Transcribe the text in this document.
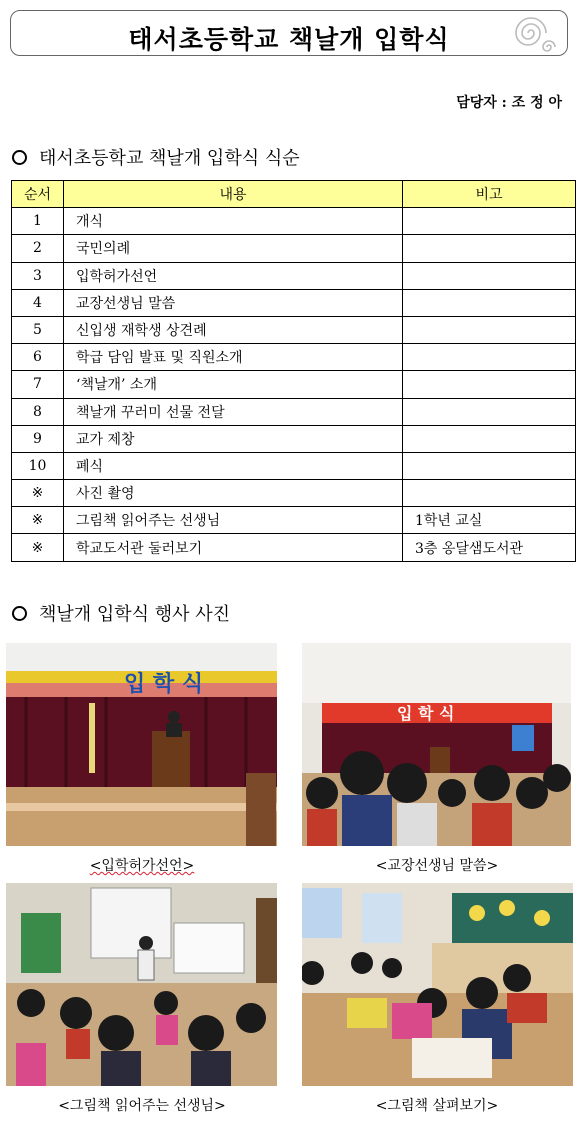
태서초등학교 책날개 입학식
담당자 : 조 정 아
태서초등학교 책날개 입학식 식순
순서	내용	비고
1	개식	
2	국민의례	
3	입학허가선언	
4	교장선생님 말씀	
5	신입생 재학생 상견례	
6	학급 담임 발표 및 직원소개	
7	‘책날개’ 소개	
8	책날개 꾸러미 선물 전달	
9	교가 제창	
10	폐식	
※	사진 촬영	
※	그림책 읽어주는 선생님	1학년 교실
※	학교도서관 둘러보기	3층 옹달샘도서관
책날개 입학식 행사 사진
입 학 식
<입학허가선언>
입 학 식
<교장선생님 말씀>
<그림책 읽어주는 선생님>	<그림책 살펴보기>
